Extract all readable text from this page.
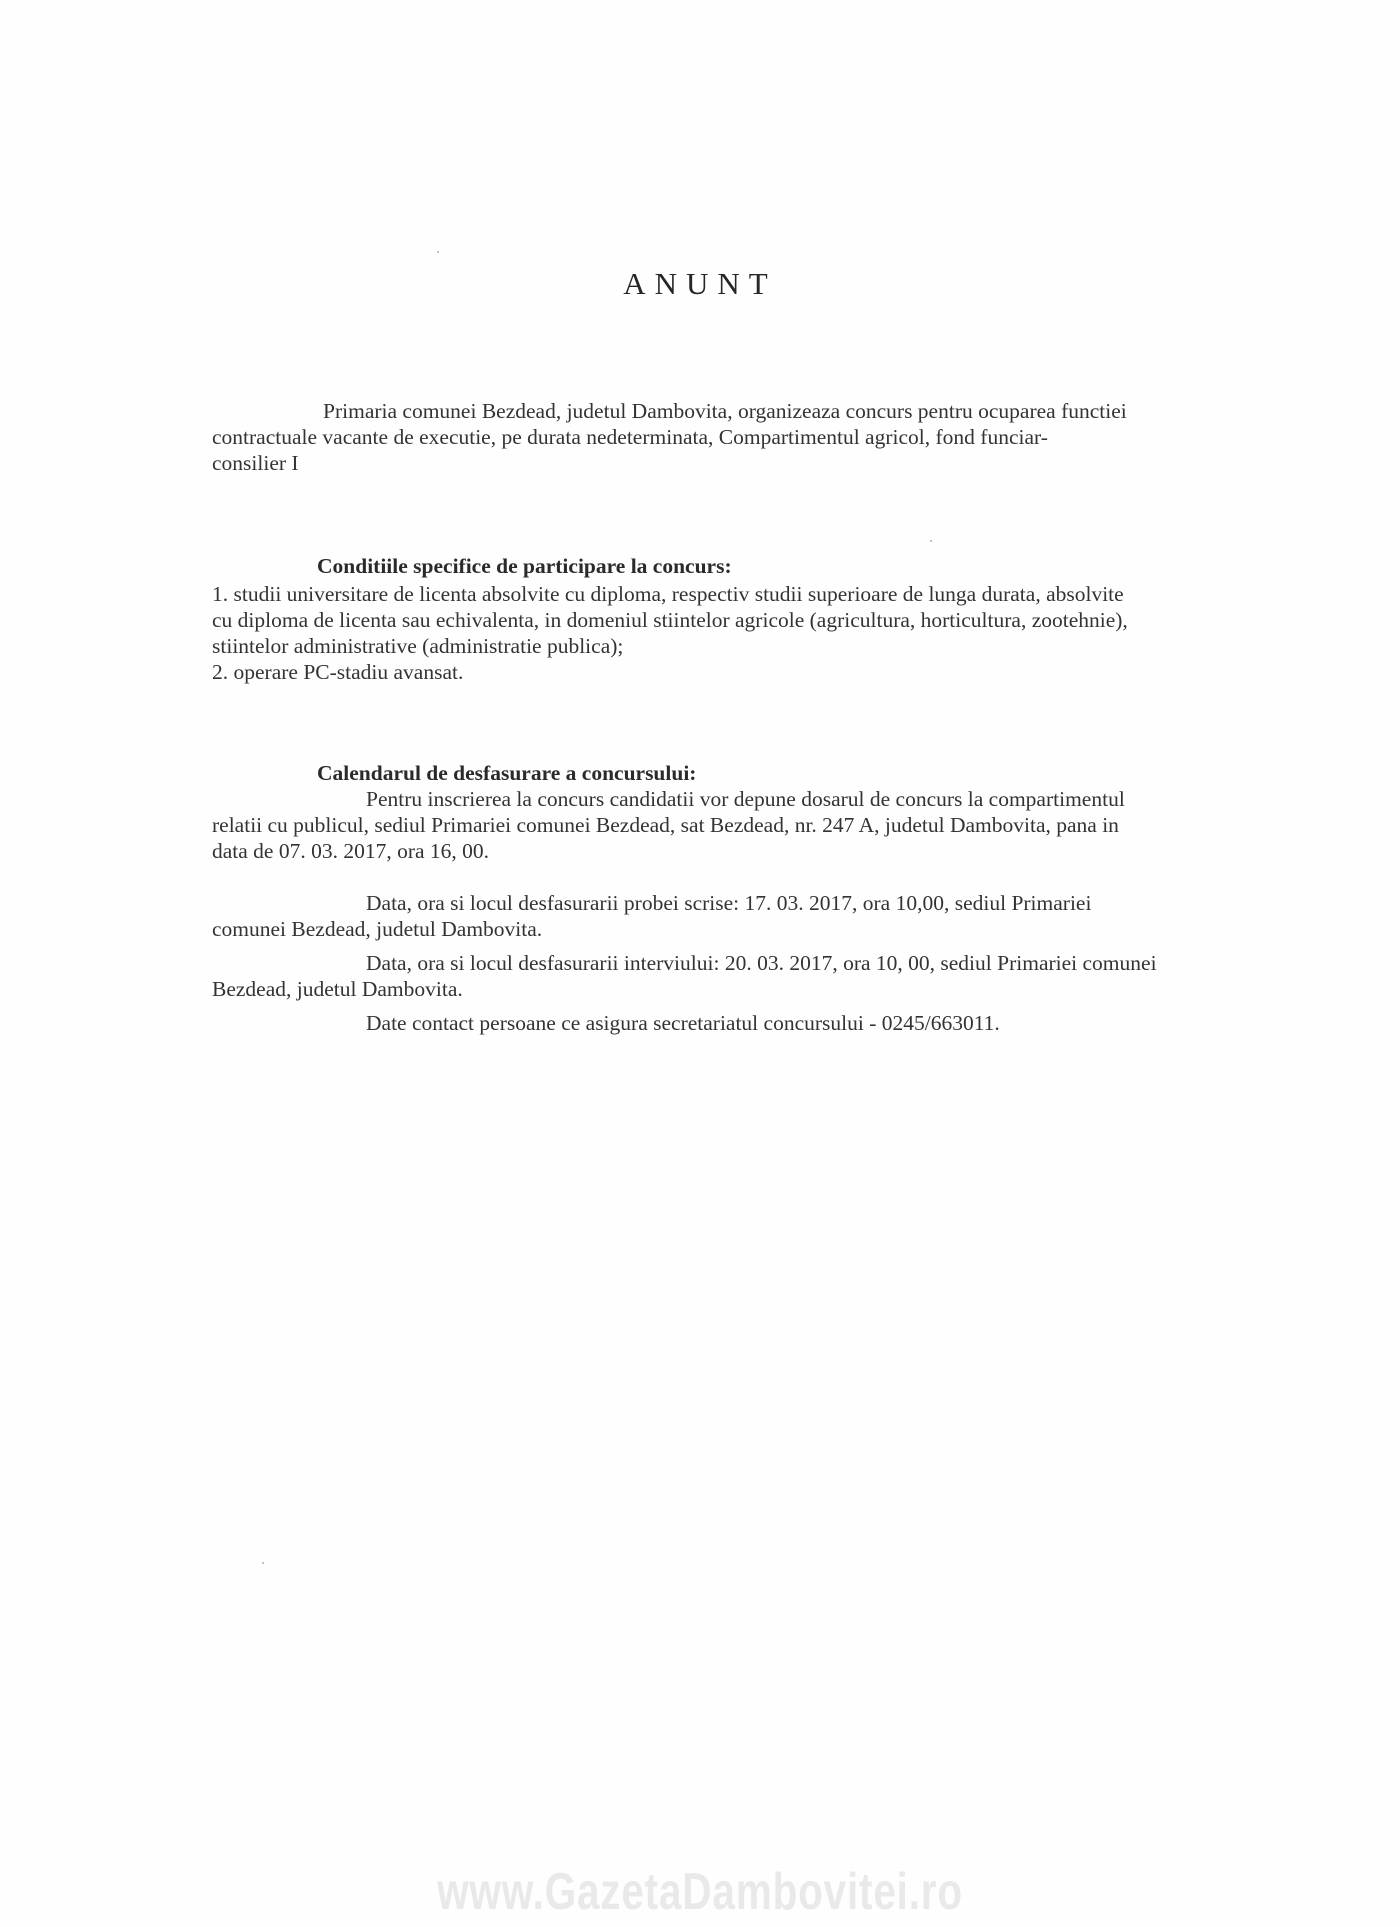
ANUNT
Primaria comunei Bezdead, judetul Dambovita, organizeaza concurs pentru ocuparea functiei
contractuale vacante de executie, pe durata nedeterminata, Compartimentul agricol, fond funciar-
consilier I
Conditiile specifice de participare la concurs:
1. studii universitare de licenta absolvite cu diploma, respectiv studii superioare de lunga durata, absolvite
cu diploma de licenta sau echivalenta, in domeniul stiintelor agricole (agricultura, horticultura, zootehnie),
stiintelor administrative (administratie publica);
2. operare PC-stadiu avansat.
Calendarul de desfasurare a concursului:
Pentru inscrierea la concurs candidatii vor depune dosarul de concurs la compartimentul
relatii cu publicul, sediul Primariei comunei Bezdead, sat Bezdead, nr. 247 A, judetul Dambovita, pana in
data de 07. 03. 2017, ora 16, 00.
Data, ora si locul desfasurarii probei scrise: 17. 03. 2017, ora 10,00, sediul Primariei
comunei Bezdead, judetul Dambovita.
Data, ora si locul desfasurarii interviului: 20. 03. 2017, ora 10, 00, sediul Primariei comunei
Bezdead, judetul Dambovita.
Date contact persoane ce asigura secretariatul concursului - 0245/663011.
www.GazetaDambovitei.ro
